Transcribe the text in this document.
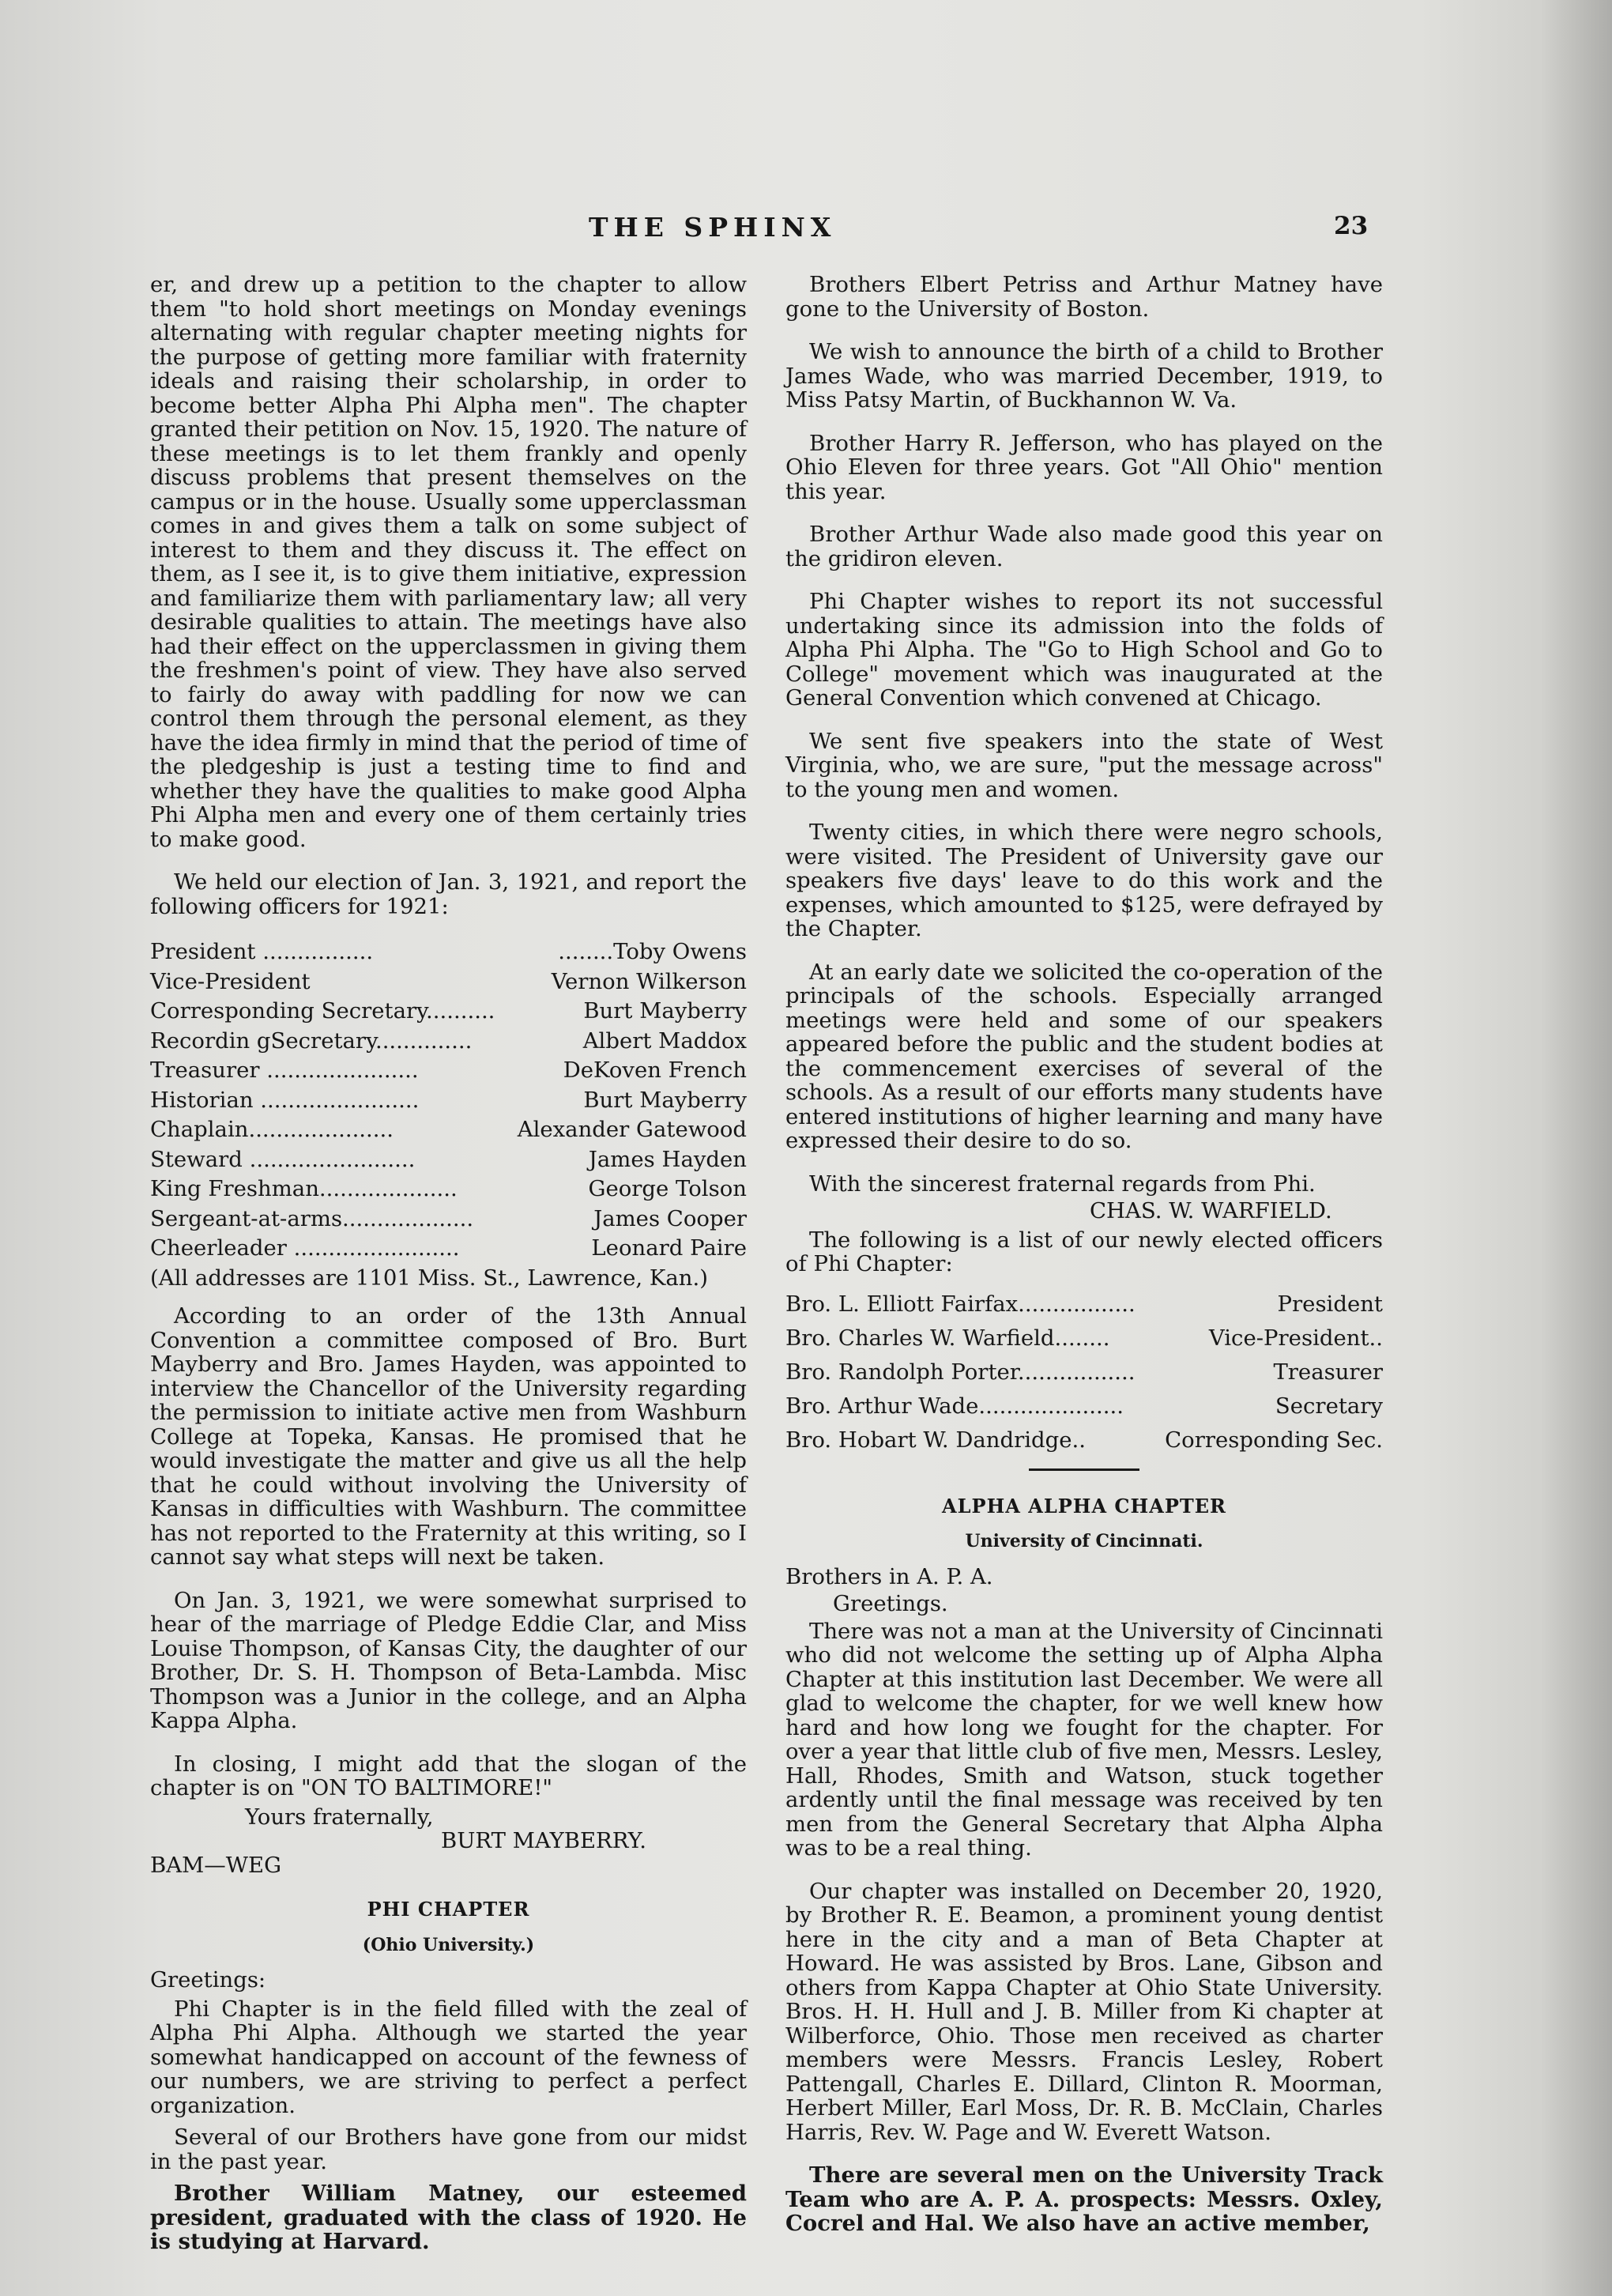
THE SPHINX	23

er, and drew up a petition to the chapter to allow them "to hold short meetings on Monday evenings alternating with regular chapter meeting nights for the purpose of getting more familiar with fraternity ideals and raising their scholarship, in order to become better Alpha Phi Alpha men". The chapter granted their petition on Nov. 15, 1920. The nature of these meetings is to let them frankly and openly discuss problems that present themselves on the campus or in the house. Usually some upperclassman comes in and gives them a talk on some subject of interest to them and they discuss it. The effect on them, as I see it, is to give them initiative, expression and familiarize them with parliamentary law; all very desirable qualities to attain. The meetings have also had their effect on the upperclassmen in giving them the freshmen's point of view. They have also served to fairly do away with paddling for now we can control them through the personal element, as they have the idea firmly in mind that the period of time of the pledgeship is just a testing time to find and whether they have the qualities to make good Alpha Phi Alpha men and every one of them certainly tries to make good.

We held our election of Jan. 3, 1921, and report the following officers for 1921:

President ................	........Toby Owens
Vice-President	Vernon Wilkerson
Corresponding Secretary..........	Burt Mayberry
Recordin gSecretary..............	Albert Maddox
Treasurer ......................	DeKoven French
Historian .......................	Burt Mayberry
Chaplain.....................	Alexander Gatewood
Steward ........................	James Hayden
King Freshman....................	George Tolson
Sergeant-at-arms...................	James Cooper
Cheerleader ........................	Leonard Paire
(All addresses are 1101 Miss. St., Lawrence, Kan.)

According to an order of the 13th Annual Convention a committee composed of Bro. Burt Mayberry and Bro. James Hayden, was appointed to interview the Chancellor of the University regarding the permission to initiate active men from Washburn College at Topeka, Kansas. He promised that he would investigate the matter and give us all the help that he could without involving the University of Kansas in difficulties with Washburn. The committee has not reported to the Fraternity at this writing, so I cannot say what steps will next be taken.

On Jan. 3, 1921, we were somewhat surprised to hear of the marriage of Pledge Eddie Clar, and Miss Louise Thompson, of Kansas City, the daughter of our Brother, Dr. S. H. Thompson of Beta-Lambda. Misc Thompson was a Junior in the college, and an Alpha Kappa Alpha.

In closing, I might add that the slogan of the chapter is on "ON TO BALTIMORE!"

Yours fraternally,

BURT MAYBERRY.

BAM—WEG

PHI CHAPTER
(Ohio University.)

Greetings:

Phi Chapter is in the field filled with the zeal of Alpha Phi Alpha. Although we started the year somewhat handicapped on account of the fewness of our numbers, we are striving to perfect a perfect organization.

Several of our Brothers have gone from our midst in the past year.

Brother William Matney, our esteemed president, graduated with the class of 1920. He is studying at Harvard.

Brothers Elbert Petriss and Arthur Matney have gone to the University of Boston.

We wish to announce the birth of a child to Brother James Wade, who was married December, 1919, to Miss Patsy Martin, of Buckhannon W. Va.

Brother Harry R. Jefferson, who has played on the Ohio Eleven for three years. Got "All Ohio" mention this year.

Brother Arthur Wade also made good this year on the gridiron eleven.

Phi Chapter wishes to report its not successful undertaking since its admission into the folds of Alpha Phi Alpha. The "Go to High School and Go to College" movement which was inaugurated at the General Convention which convened at Chicago.

We sent five speakers into the state of West Virginia, who, we are sure, "put the message across" to the young men and women.

Twenty cities, in which there were negro schools, were visited. The President of University gave our speakers five days' leave to do this work and the expenses, which amounted to $125, were defrayed by the Chapter.

At an early date we solicited the co-operation of the principals of the schools. Especially arranged meetings were held and some of our speakers appeared before the public and the student bodies at the commencement exercises of several of the schools. As a result of our efforts many students have entered institutions of higher learning and many have expressed their desire to do so.

With the sincerest fraternal regards from Phi.

CHAS. W. WARFIELD.

The following is a list of our newly elected officers of Phi Chapter:

Bro. L. Elliott Fairfax.................	President
Bro. Charles W. Warfield........	Vice-President..
Bro. Randolph Porter.................	Treasurer
Bro. Arthur Wade.....................	Secretary
Bro. Hobart W. Dandridge..	Corresponding Sec.
ALPHA ALPHA CHAPTER
University of Cincinnati.

Brothers in A. P. A.

Greetings.

There was not a man at the University of Cincinnati who did not welcome the setting up of Alpha Alpha Chapter at this institution last December. We were all glad to welcome the chapter, for we well knew how hard and how long we fought for the chapter. For over a year that little club of five men, Messrs. Lesley, Hall, Rhodes, Smith and Watson, stuck together ardently until the final message was received by ten men from the General Secretary that Alpha Alpha was to be a real thing.

Our chapter was installed on December 20, 1920, by Brother R. E. Beamon, a prominent young dentist here in the city and a man of Beta Chapter at Howard. He was assisted by Bros. Lane, Gibson and others from Kappa Chapter at Ohio State University. Bros. H. H. Hull and J. B. Miller from Ki chapter at Wilberforce, Ohio. Those men received as charter members were Messrs. Francis Lesley, Robert Pattengall, Charles E. Dillard, Clinton R. Moorman, Herbert Miller, Earl Moss, Dr. R. B. McClain, Charles Harris, Rev. W. Page and W. Everett Watson.

There are several men on the University Track Team who are A. P. A. prospects: Messrs. Oxley, Cocrel and Hal. We also have an active member,
